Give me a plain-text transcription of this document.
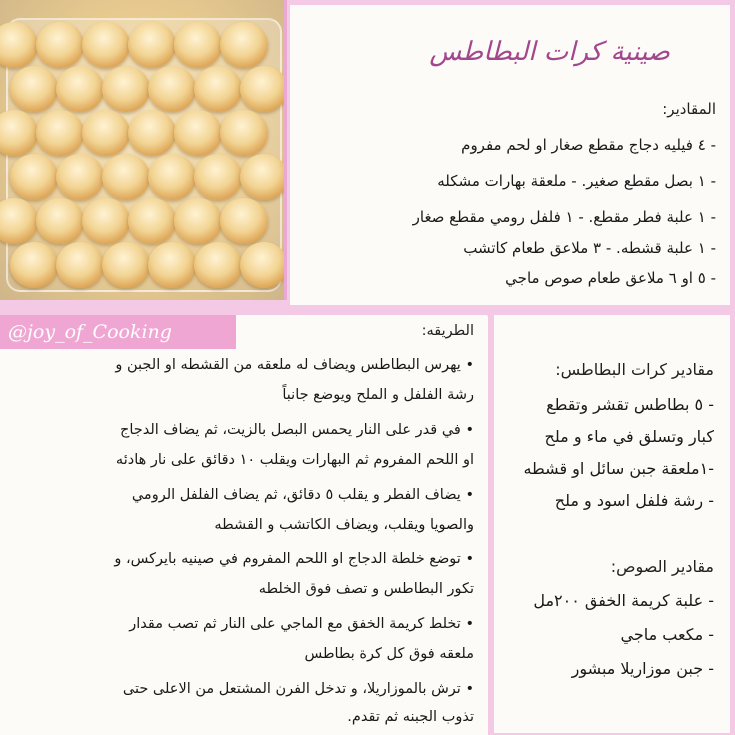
صينية كرات البطاطس
المقادير:
- ٤ فيليه دجاج مقطع صغار او لحم مفروم
- ١ بصل مقطع صغير. - ملعقة بهارات مشكله
- ١ علبة فطر مقطع. - ١ فلفل رومي مقطع صغار
- ١ علبة قشطه. - ٣ ملاعق طعام كاتشب
- ٥ او ٦ ملاعق طعام صوص ماجي
الطريقه:
• يهرس البطاطس ويضاف له ملعقه من القشطه او الجبن و
رشة الفلفل و الملح ويوضع جانباً
• في قدر على النار يحمس البصل بالزيت، ثم يضاف الدجاج
او اللحم المفروم ثم البهارات ويقلب ١٠ دقائق على نار هادئه
• يضاف الفطر و يقلب ٥ دقائق، ثم يضاف الفلفل الرومي
والصويا ويقلب، ويضاف الكاتشب و القشطه
• توضع خلطة الدجاج او اللحم المفروم في صينيه بايركس، و
تكور البطاطس و تصف فوق الخلطه
• تخلط كريمة الخفق مع الماجي على النار ثم تصب مقدار
ملعقه فوق كل كرة بطاطس
• ترش بالموزاريلا، و تدخل الفرن المشتعل من الاعلى حتى
تذوب الجبنه ثم تقدم.
@joy_of_Cooking
مقادير كرات البطاطس:
- ٥ بطاطس تقشر وتقطع
كبار وتسلق في ماء و ملح
-١ملعقة جبن سائل او قشطه
- رشة فلفل اسود و ملح
مقادير الصوص:
- علبة كريمة الخفق ٢٠٠مل
- مكعب ماجي
- جبن موزاريلا مبشور
